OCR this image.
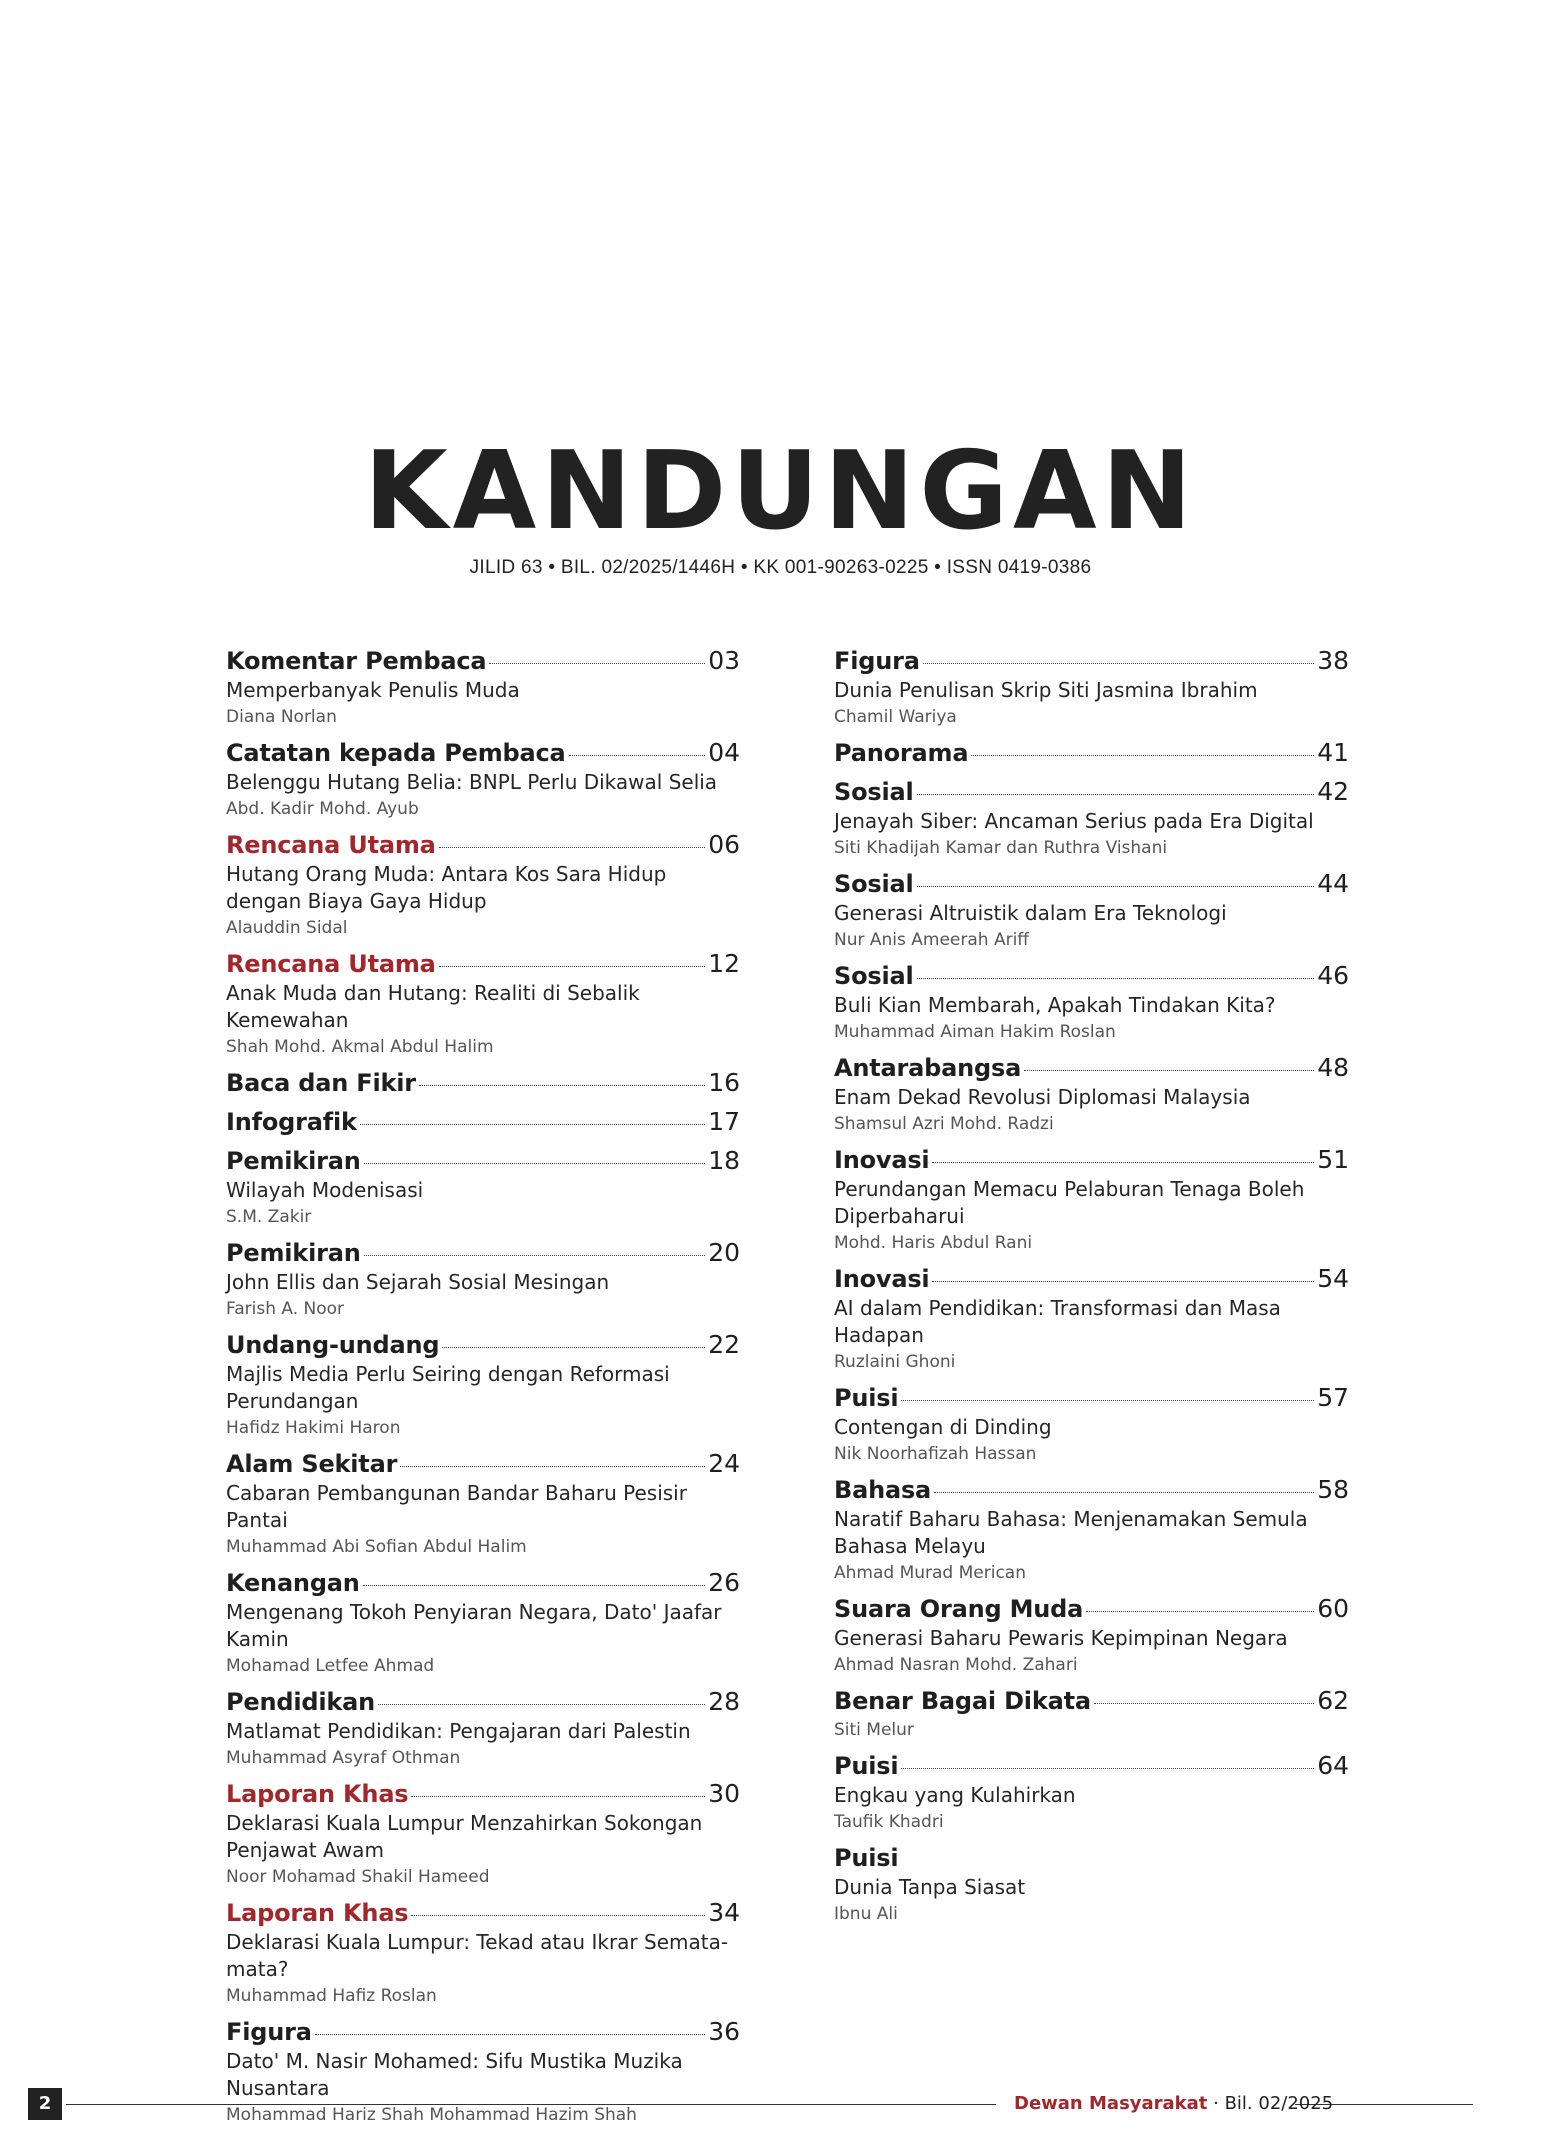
KANDUNGAN
JILID 63 • BIL. 02/2025/1446H • KK 001-90263-0225 • ISSN 0419-0386
Komentar Pembaca	03
Memperbanyak Penulis Muda
Diana Norlan
Catatan kepada Pembaca	04
Belenggu Hutang Belia: BNPL Perlu Dikawal Selia
Abd. Kadir Mohd. Ayub
Rencana Utama	06
Hutang Orang Muda: Antara Kos Sara Hidup dengan Biaya Gaya Hidup
Alauddin Sidal
Rencana Utama	12
Anak Muda dan Hutang: Realiti di Sebalik Kemewahan
Shah Mohd. Akmal Abdul Halim
Baca dan Fikir	16
Infografik	17
Pemikiran	18
Wilayah Modenisasi
S.M. Zakir
Pemikiran	20
John Ellis dan Sejarah Sosial Mesingan
Farish A. Noor
Undang-undang	22
Majlis Media Perlu Seiring dengan Reformasi Perundangan
Hafidz Hakimi Haron
Alam Sekitar	24
Cabaran Pembangunan Bandar Baharu Pesisir Pantai
Muhammad Abi Sofian Abdul Halim
Kenangan	26
Mengenang Tokoh Penyiaran Negara, Dato' Jaafar Kamin
Mohamad Letfee Ahmad
Pendidikan	28
Matlamat Pendidikan: Pengajaran dari Palestin
Muhammad Asyraf Othman
Laporan Khas	30
Deklarasi Kuala Lumpur Menzahirkan Sokongan Penjawat Awam
Noor Mohamad Shakil Hameed
Laporan Khas	34
Deklarasi Kuala Lumpur: Tekad atau Ikrar Semata-mata?
Muhammad Hafiz Roslan
Figura	36
Dato' M. Nasir Mohamed: Sifu Mustika Muzika Nusantara
Mohammad Hariz Shah Mohammad Hazim Shah
Figura	38
Dunia Penulisan Skrip Siti Jasmina Ibrahim
Chamil Wariya
Panorama	41
Sosial	42
Jenayah Siber: Ancaman Serius pada Era Digital
Siti Khadijah Kamar dan Ruthra Vishani
Sosial	44
Generasi Altruistik dalam Era Teknologi
Nur Anis Ameerah Ariff
Sosial	46
Buli Kian Membarah, Apakah Tindakan Kita?
Muhammad Aiman Hakim Roslan
Antarabangsa	48
Enam Dekad Revolusi Diplomasi Malaysia
Shamsul Azri Mohd. Radzi
Inovasi	51
Perundangan Memacu Pelaburan Tenaga Boleh Diperbaharui
Mohd. Haris Abdul Rani
Inovasi	54
AI dalam Pendidikan: Transformasi dan Masa Hadapan
Ruzlaini Ghoni
Puisi	57
Contengan di Dinding
Nik Noorhafizah Hassan
Bahasa	58
Naratif Baharu Bahasa: Menjenamakan Semula Bahasa Melayu
Ahmad Murad Merican
Suara Orang Muda	60
Generasi Baharu Pewaris Kepimpinan Negara
Ahmad Nasran Mohd. Zahari
Benar Bagai Dikata	62
Siti Melur
Puisi	64
Engkau yang Kulahirkan
Taufik Khadri
Puisi
Dunia Tanpa Siasat
Ibnu Ali
2	Dewan Masyarakat · Bil. 02/2025
